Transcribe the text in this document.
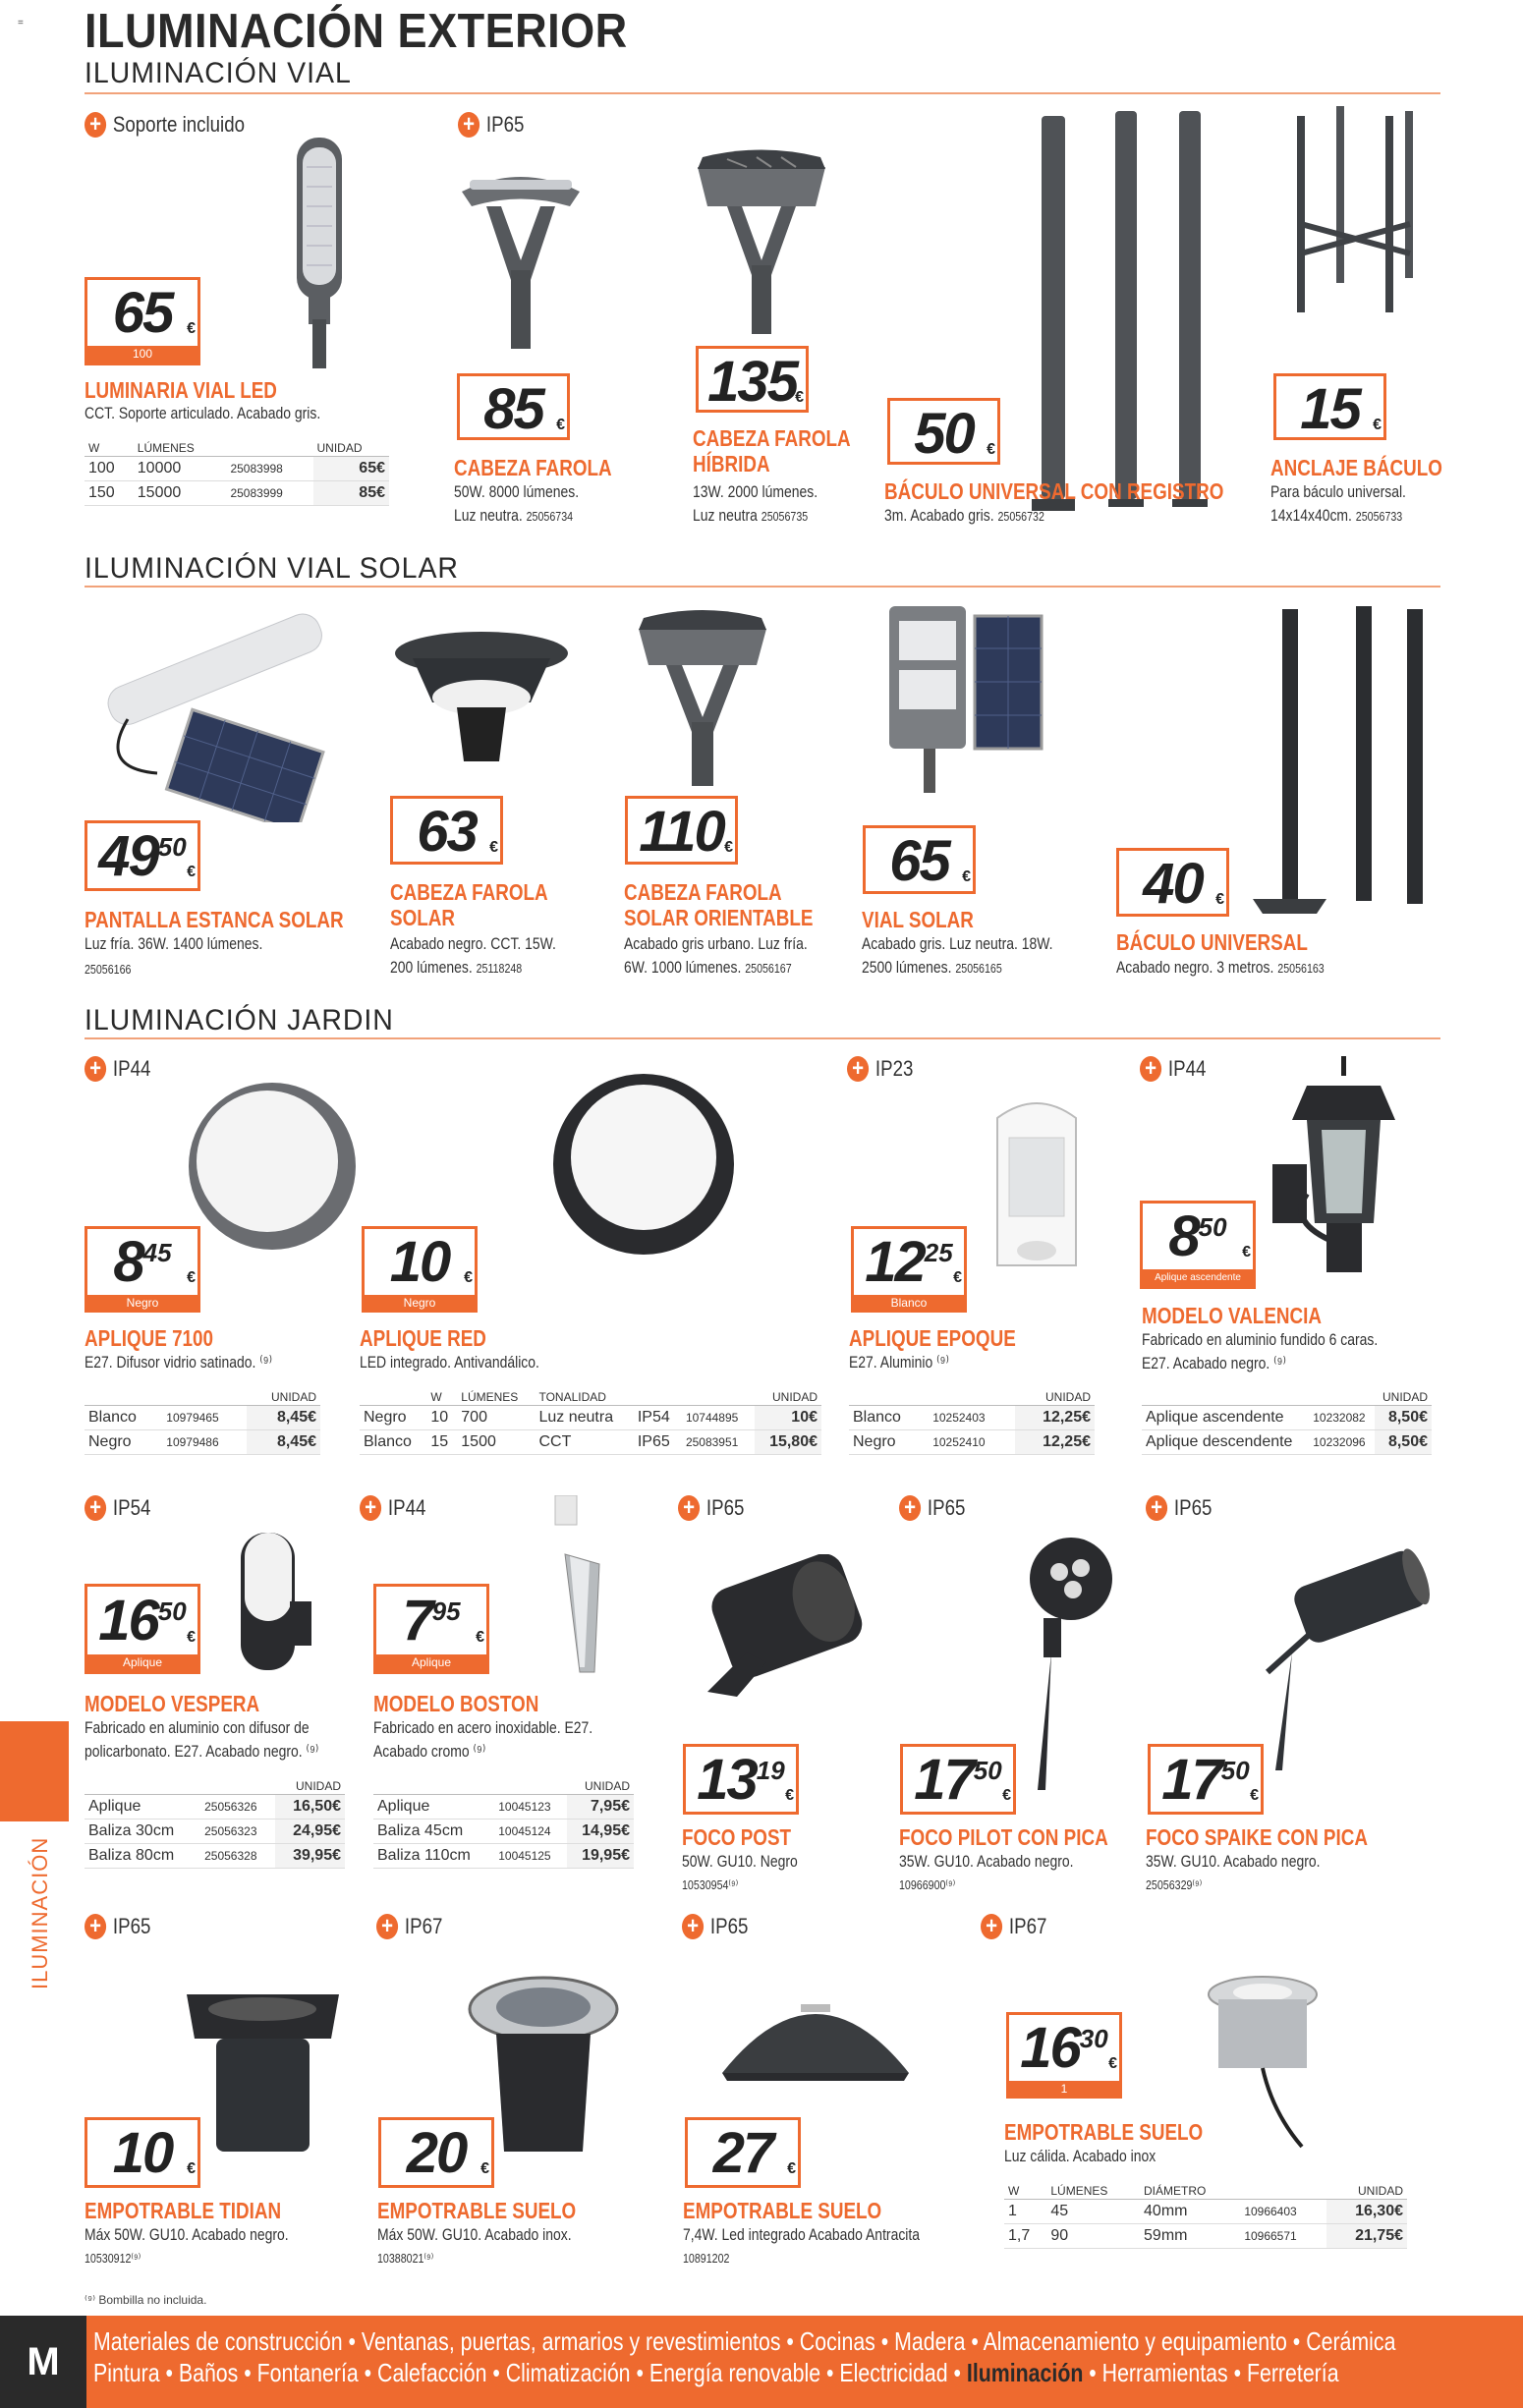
= ILUMINACIÓN EXTERIOR
ILUMINACIÓN VIAL
+ Soporte incluido	+ IP65
65 €
100
LUMINARIA VIAL LED
CCT. Soporte articulado. Acabado gris.
W	LÚMENES		UNIDAD
100	10000	25083998	65€
150	15000	25083999	85€
85 €
CABEZA FAROLA
50W. 8000 lúmenes.
Luz neutra. 25056734
135
€
CABEZA FAROLA
HÍBRIDA
13W. 2000 lúmenes.
Luz neutra 25056735
50 €
BÁCULO UNIVERSAL CON REGISTRO
3m. Acabado gris. 25056732
15 €
ANCLAJE BÁCULO
Para báculo universal.
14x14x40cm. 25056733
ILUMINACIÓN VIAL SOLAR
49 50
€
PANTALLA ESTANCA SOLAR
Luz fría. 36W. 1400 lúmenes.
25056166
63 €
CABEZA FAROLA
SOLAR
Acabado negro. CCT. 15W.
200 lúmenes. 25118248
110 €
CABEZA FAROLA
SOLAR ORIENTABLE
Acabado gris urbano. Luz fría.
6W. 1000 lúmenes. 25056167
65 €
VIAL SOLAR
Acabado gris. Luz neutra. 18W.
2500 lúmenes. 25056165
40 €
BÁCULO UNIVERSAL
Acabado negro. 3 metros. 25056163
ILUMINACIÓN JARDIN
+ IP44	+ IP23	+ IP44
8 45
€
Negro
APLIQUE 7100
E27. Difusor vidrio satinado. ⁽⁹⁾
		UNIDAD
Blanco	10979465	8,45€
Negro	10979486	8,45€
10 €
Negro
APLIQUE RED
LED integrado. Antivandálico.
	W	LÚMENES	TONALIDAD			UNIDAD
Negro	10	700	Luz neutra	IP54	10744895	10€
Blanco	15	1500	CCT	IP65	25083951	15,80€
12 25
€
Blanco
APLIQUE EPOQUE
E27. Aluminio ⁽⁹⁾
		UNIDAD
Blanco	10252403	12,25€
Negro	10252410	12,25€
8 50
€
Aplique ascendente
MODELO VALENCIA
Fabricado en aluminio fundido 6 caras.
E27. Acabado negro. ⁽⁹⁾
		UNIDAD
Aplique ascendente	10232082	8,50€
Aplique descendente	10232096	8,50€
+ IP54	+ IP44	+ IP65	+ IP65	+ IP65
16 50
€
Aplique
MODELO VESPERA
Fabricado en aluminio con difusor de
policarbonato. E27. Acabado negro. ⁽⁹⁾
		UNIDAD
Aplique	25056326	16,50€
Baliza 30cm	25056323	24,95€
Baliza 80cm	25056328	39,95€
7 95
€
Aplique
MODELO BOSTON
Fabricado en acero inoxidable. E27.
Acabado cromo ⁽⁹⁾
		UNIDAD
Aplique	10045123	7,95€
Baliza 45cm	10045124	14,95€
Baliza 110cm	10045125	19,95€
13 19
€
FOCO POST
50W. GU10. Negro
10530954⁽⁹⁾
17 50
€
FOCO PILOT CON PICA
35W. GU10. Acabado negro.
10966900⁽⁹⁾
17 50
€
FOCO SPAIKE CON PICA
35W. GU10. Acabado negro.
25056329⁽⁹⁾
+ IP65	+ IP67	+ IP65	+ IP67
10 €
EMPOTRABLE TIDIAN
Máx 50W. GU10. Acabado negro.
10530912⁽⁹⁾
20 €
EMPOTRABLE SUELO
Máx 50W. GU10. Acabado inox.
10388021⁽⁹⁾
27 €
EMPOTRABLE SUELO
7,4W. Led integrado Acabado Antracita
10891202
16 30
€
1
EMPOTRABLE SUELO
Luz cálida. Acabado inox
W	LÚMENES	DIÁMETRO		UNIDAD
1	45	40mm	10966403	16,30€
1,7	90	59mm	10966571	21,75€
⁽⁹⁾ Bombilla no incluida.
ILUMINACIÓN
M	Materiales de construcción • Ventanas, puertas, armarios y revestimientos • Cocinas • Madera • Almacenamiento y equipamiento • Cerámica
Pintura • Baños • Fontanería • Calefacción • Climatización • Energía renovable • Electricidad • Iluminación • Herramientas • Ferretería
